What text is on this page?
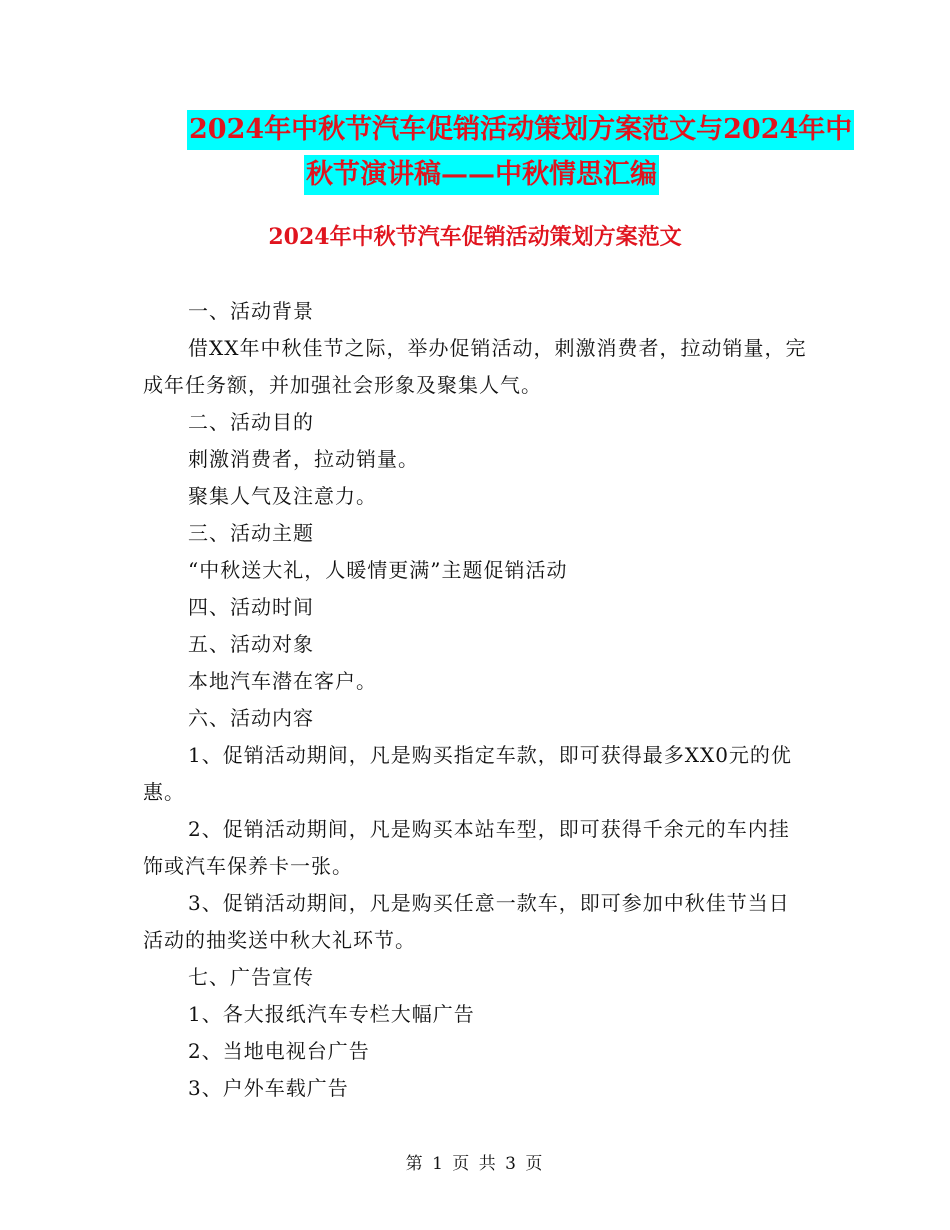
2024年中秋节汽车促销活动策划方案范文与2024年中
秋节演讲稿——中秋情思汇编
2024年中秋节汽车促销活动策划方案范文

一、活动背景

借XX年中秋佳节之际，举办促销活动，刺激消费者，拉动销量，完成年任务额，并加强社会形象及聚集人气。

二、活动目的

刺激消费者，拉动销量。

聚集人气及注意力。

三、活动主题

“中秋送大礼，人暖情更满”主题促销活动

四、活动时间

五、活动对象

本地汽车潜在客户。

六、活动内容

1、促销活动期间，凡是购买指定车款，即可获得最多XX0元的优惠。

2、促销活动期间，凡是购买本站车型，即可获得千余元的车内挂饰或汽车保养卡一张。

3、促销活动期间，凡是购买任意一款车，即可参加中秋佳节当日活动的抽奖送中秋大礼环节。

七、广告宣传

1、各大报纸汽车专栏大幅广告

2、当地电视台广告

3、户外车载广告

第 1 页 共 3 页
